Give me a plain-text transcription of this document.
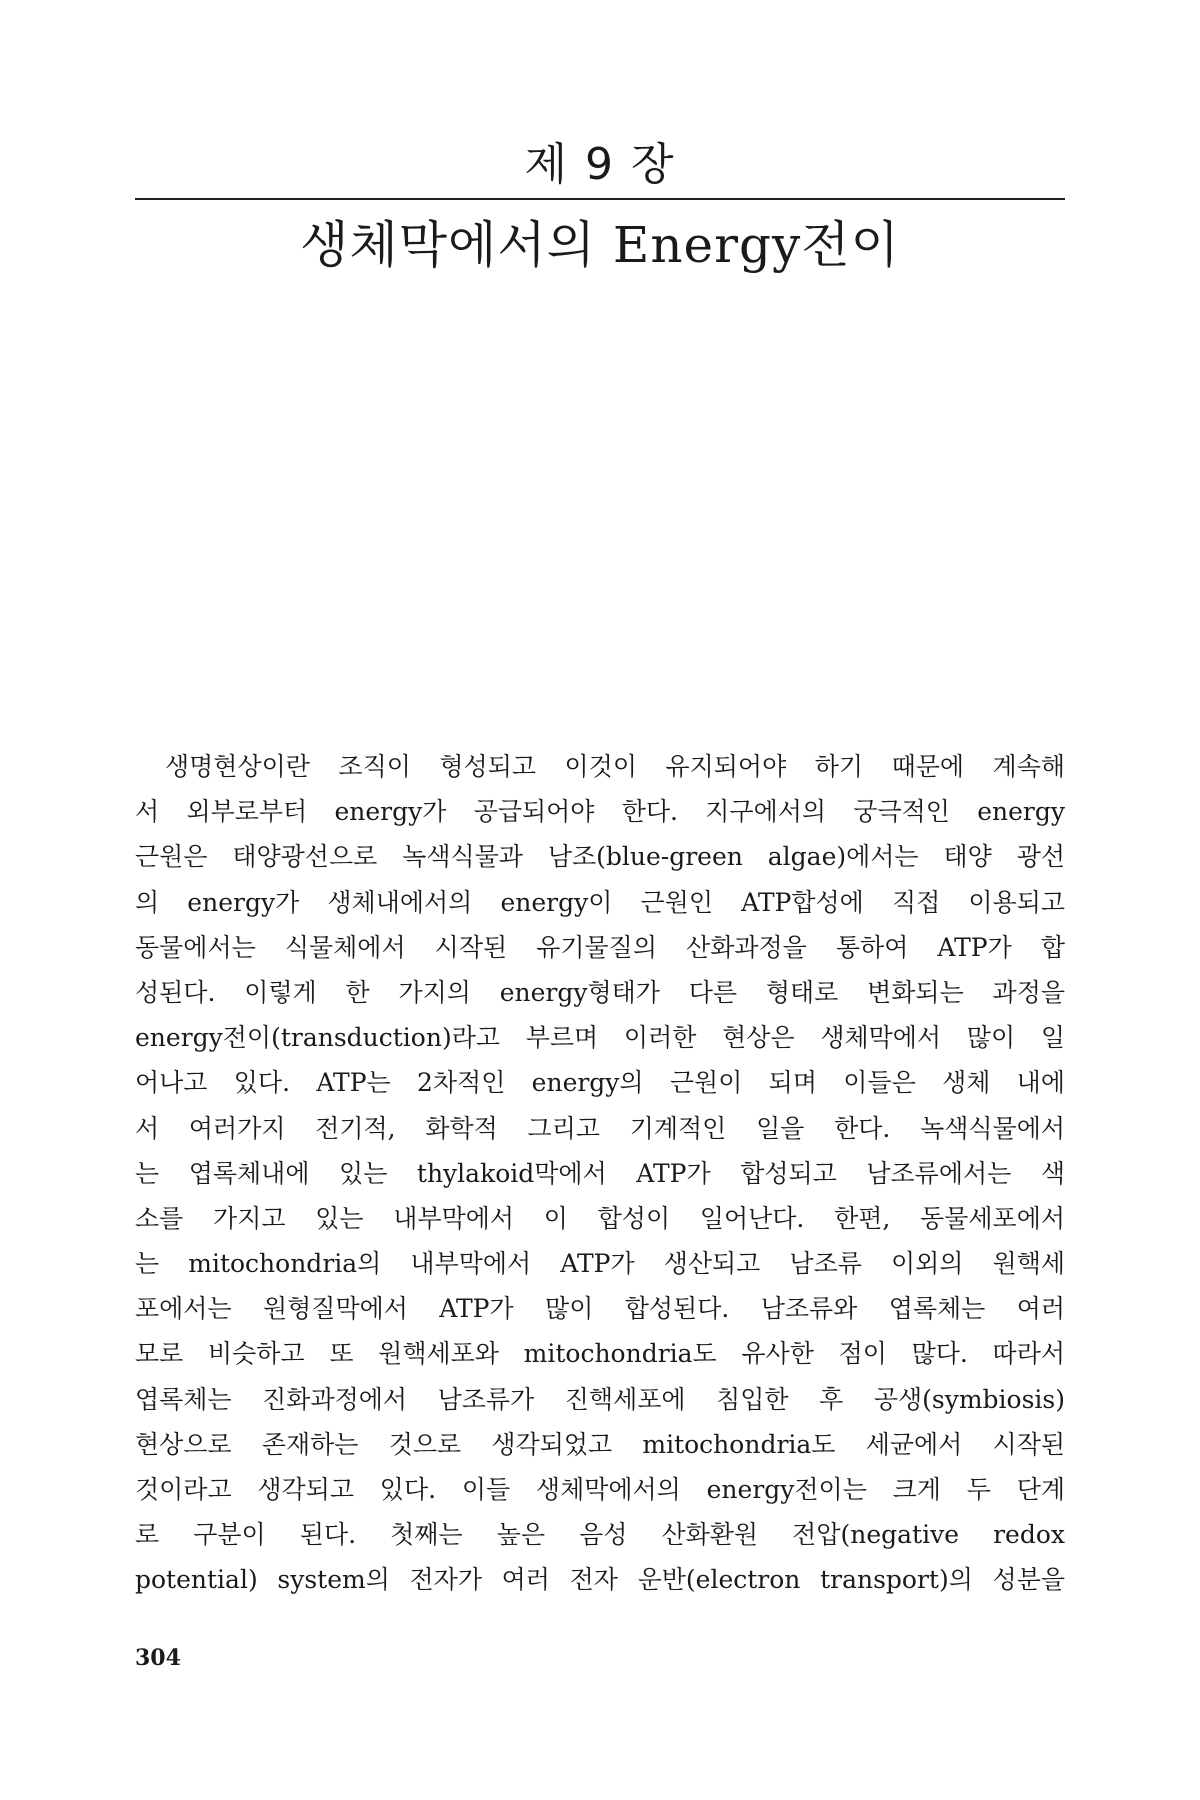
제 9 장
생체막에서의 Energy전이
생명현상이란 조직이 형성되고 이것이 유지되어야 하기 때문에 계속해
서 외부로부터 energy가 공급되어야 한다. 지구에서의 궁극적인 energy
근원은 태양광선으로 녹색식물과 남조(blue-green algae)에서는 태양 광선
의 energy가 생체내에서의 energy이 근원인 ATP합성에 직접 이용되고
동물에서는 식물체에서 시작된 유기물질의 산화과정을 통하여 ATP가 합
성된다. 이렇게 한 가지의 energy형태가 다른 형태로 변화되는 과정을
energy전이(transduction)라고 부르며 이러한 현상은 생체막에서 많이 일
어나고 있다. ATP는 2차적인 energy의 근원이 되며 이들은 생체 내에
서 여러가지 전기적, 화학적 그리고 기계적인 일을 한다. 녹색식물에서
는 엽록체내에 있는 thylakoid막에서 ATP가 합성되고 남조류에서는 색
소를 가지고 있는 내부막에서 이 합성이 일어난다. 한편, 동물세포에서
는 mitochondria의 내부막에서 ATP가 생산되고 남조류 이외의 원핵세
포에서는 원형질막에서 ATP가 많이 합성된다. 남조류와 엽록체는 여러
모로 비슷하고 또 원핵세포와 mitochondria도 유사한 점이 많다. 따라서
엽록체는 진화과정에서 남조류가 진핵세포에 침입한 후 공생(symbiosis)
현상으로 존재하는 것으로 생각되었고 mitochondria도 세균에서 시작된
것이라고 생각되고 있다. 이들 생체막에서의 energy전이는 크게 두 단계
로 구분이 된다. 첫째는 높은 음성 산화환원 전압(negative redox
potential) system의 전자가 여러 전자 운반(electron transport)의 성분을
304
